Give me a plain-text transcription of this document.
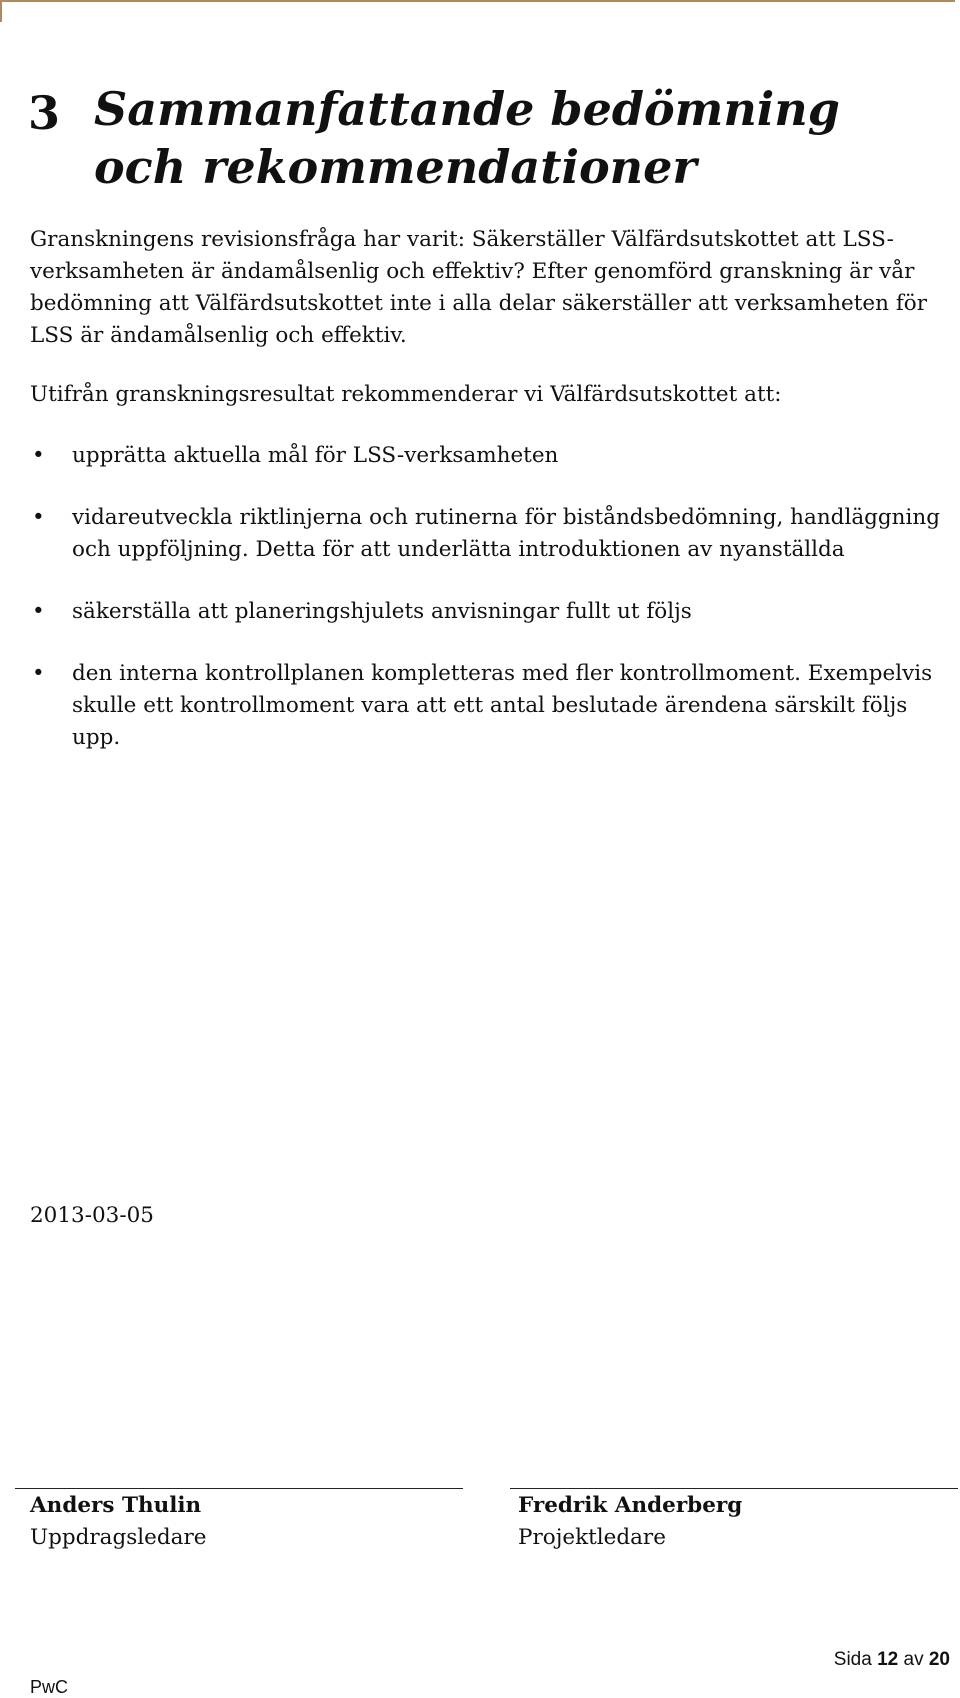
3 Sammanfattande bedömning
och rekommendationer
Granskningens revisionsfråga har varit: Säkerställer Välfärdsutskottet att LSS-verksamheten är ändamålsenlig och effektiv? Efter genomförd granskning är vår bedömning att Välfärdsutskottet inte i alla delar säkerställer att verksamheten för LSS är ändamålsenlig och effektiv.
Utifrån granskningsresultat rekommenderar vi Välfärdsutskottet att:
• upprätta aktuella mål för LSS-verksamheten
• vidareutveckla riktlinjerna och rutinerna för biståndsbedömning, handläggning och uppföljning. Detta för att underlätta introduktionen av nyanställda
• säkerställa att planeringshjulets anvisningar fullt ut följs
• den interna kontrollplanen kompletteras med fler kontrollmoment. Exempelvis skulle ett kontrollmoment vara att ett antal beslutade ärendena särskilt följs upp.
2013-03-05
Anders Thulin
Uppdragsledare
Fredrik Anderberg
Projektledare
Sida 12 av 20
PwC
